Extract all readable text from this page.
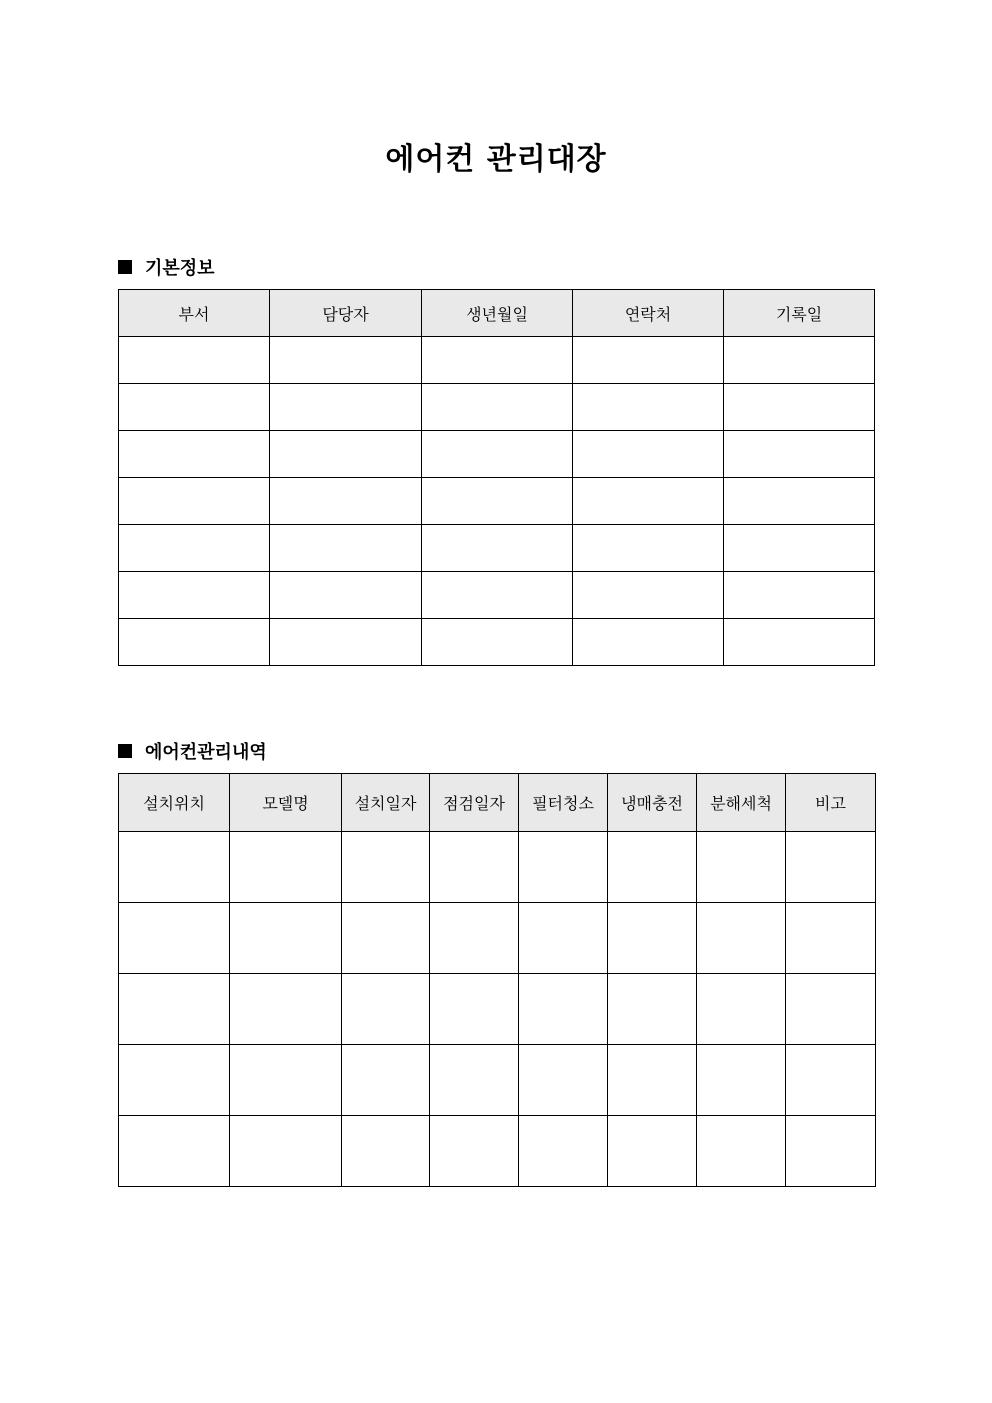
에어컨 관리대장
기본정보
부서	담당자	생년월일	연락처	기록일

에어컨관리내역
설치위치	모델명	설치일자	점검일자	필터청소	냉매충전	분해세척	비고
